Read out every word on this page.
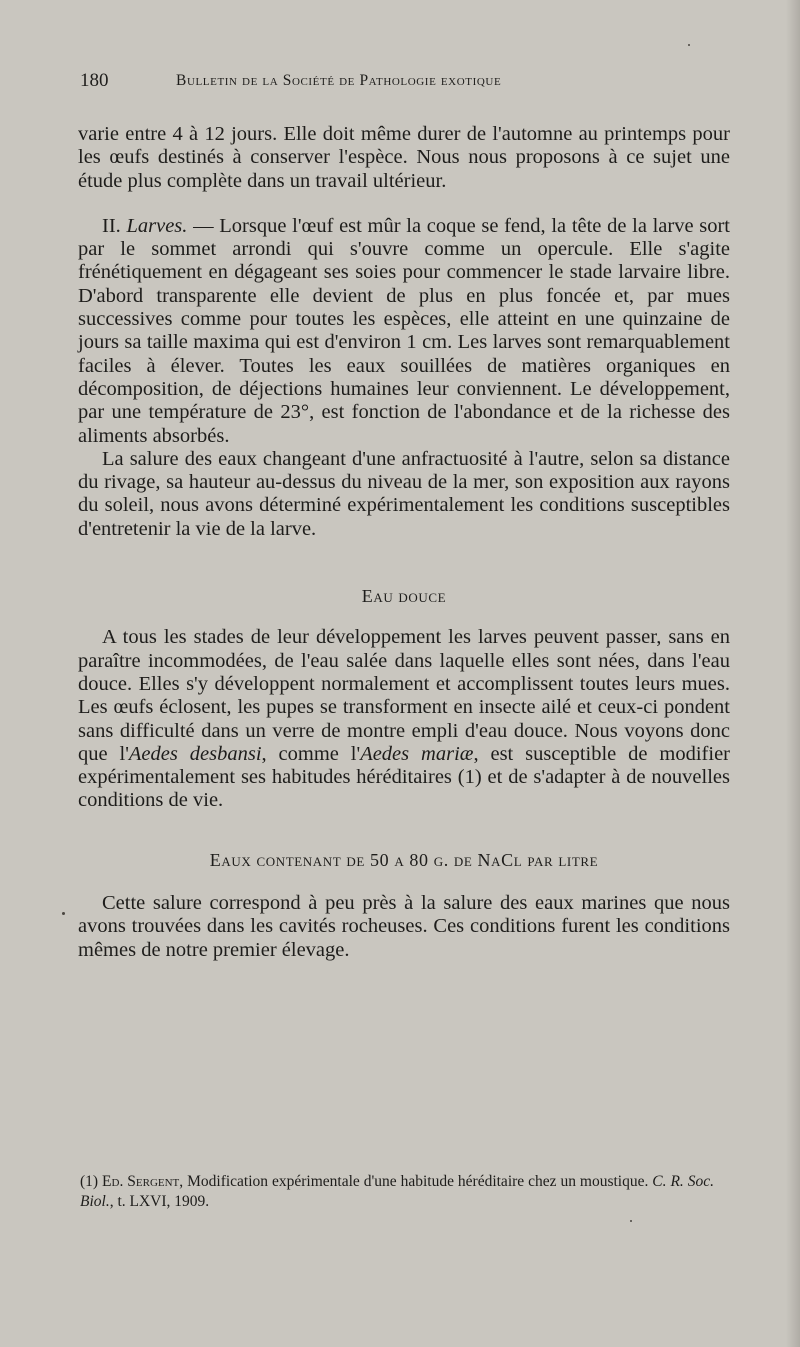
180	Bulletin de la Société de Pathologie exotique

varie entre 4 à 12 jours. Elle doit même durer de l'automne au printemps pour les œufs destinés à conserver l'espèce. Nous nous proposons à ce sujet une étude plus complète dans un travail ultérieur.

II. Larves. — Lorsque l'œuf est mûr la coque se fend, la tête de la larve sort par le sommet arrondi qui s'ouvre comme un opercule. Elle s'agite frénétiquement en dégageant ses soies pour commencer le stade larvaire libre. D'abord transparente elle devient de plus en plus foncée et, par mues successives comme pour toutes les espèces, elle atteint en une quinzaine de jours sa taille maxima qui est d'environ 1 cm. Les larves sont remarquablement faciles à élever. Toutes les eaux souillées de matières organiques en décomposition, de déjections humaines leur conviennent. Le développement, par une température de 23°, est fonction de l'abondance et de la richesse des aliments absorbés.

La salure des eaux changeant d'une anfractuosité à l'autre, selon sa distance du rivage, sa hauteur au-dessus du niveau de la mer, son exposition aux rayons du soleil, nous avons déterminé expérimentalement les conditions susceptibles d'entretenir la vie de la larve.

Eau douce

A tous les stades de leur développement les larves peuvent passer, sans en paraître incommodées, de l'eau salée dans laquelle elles sont nées, dans l'eau douce. Elles s'y développent normalement et accomplissent toutes leurs mues. Les œufs éclosent, les pupes se transforment en insecte ailé et ceux-ci pondent sans difficulté dans un verre de montre empli d'eau douce. Nous voyons donc que l'Aedes desbansi, comme l'Aedes mariæ, est susceptible de modifier expérimentalement ses habitudes héréditaires (1) et de s'adapter à de nouvelles conditions de vie.

Eaux contenant de 50 a 80 g. de NaCl par litre

Cette salure correspond à peu près à la salure des eaux marines que nous avons trouvées dans les cavités rocheuses. Ces conditions furent les conditions mêmes de notre premier élevage.

(1) Ed. Sergent, Modification expérimentale d'une habitude héréditaire chez un moustique. C. R. Soc. Biol., t. LXVI, 1909.
